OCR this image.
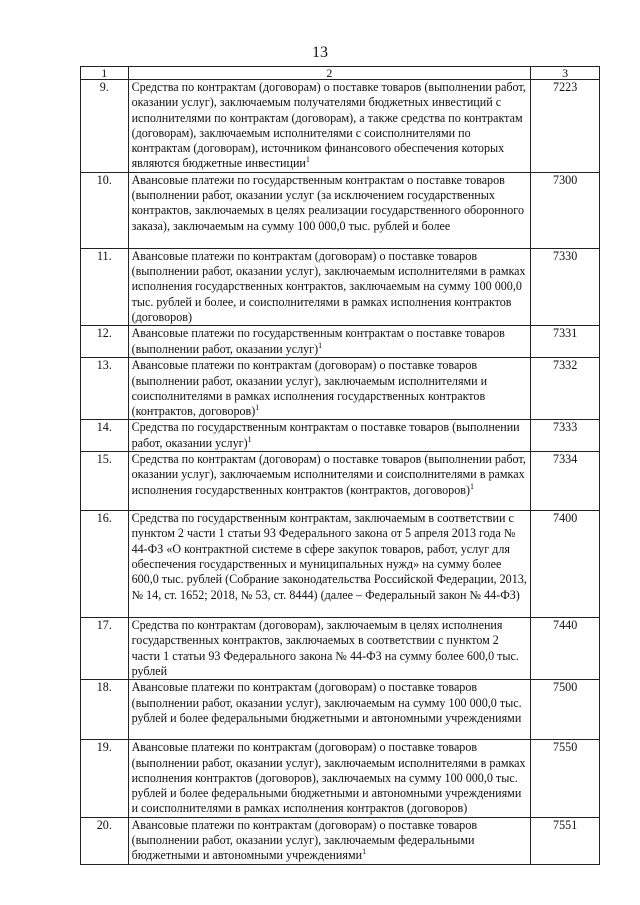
13
1	2	3
9.	Средства по контрактам (договорам) о поставке товаров (выполнении работ, оказании услуг), заключаемым получателями бюджетных инвестиций с исполнителями по контрактам (договорам), а также средства по контрактам (договорам), заключаемым исполнителями с соисполнителями по контрактам (договорам), источником финансового обеспечения которых являются бюджетные инвестиции$^1$	7223
10.	Авансовые платежи по государственным контрактам о поставке товаров (выполнении работ, оказании услуг (за исключением государственных контрактов, заключаемых в целях реализации государственного оборонного заказа), заключаемым на сумму 100 000,0 тыс. рублей и более	7300
11.	Авансовые платежи по контрактам (договорам) о поставке товаров (выполнении работ, оказании услуг), заключаемым исполнителями в рамках исполнения государственных контрактов, заключаемым на сумму 100 000,0 тыс. рублей и более, и соисполнителями в рамках исполнения контрактов (договоров)	7330
12.	Авансовые платежи по государственным контрактам о поставке товаров (выполнении работ, оказании услуг)$^1$	7331
13.	Авансовые платежи по контрактам (договорам) о поставке товаров (выполнении работ, оказании услуг), заключаемым исполнителями и соисполнителями в рамках исполнения государственных контрактов (контрактов, договоров)$^1$	7332
14.	Средства по государственным контрактам о поставке товаров (выполнении работ, оказании услуг)$^1$	7333
15.	Средства по контрактам (договорам) о поставке товаров (выполнении работ, оказании услуг), заключаемым исполнителями и соисполнителями в рамках исполнения государственных контрактов (контрактов, договоров)$^1$	7334
16.	Средства по государственным контрактам, заключаемым в соответствии с пунктом 2 части 1 статьи 93 Федерального закона от 5 апреля 2013 года № 44-ФЗ «О контрактной системе в сфере закупок товаров, работ, услуг для обеспечения государственных и муниципальных нужд» на сумму более 600,0 тыс. рублей (Собрание законодательства Российской Федерации, 2013, № 14, ст. 1652; 2018, № 53, ст. 8444) (далее – Федеральный закон № 44-ФЗ)	7400
17.	Средства по контрактам (договорам), заключаемым в целях исполнения государственных контрактов, заключаемых в соответствии с пунктом 2 части 1 статьи 93 Федерального закона № 44-ФЗ на сумму более 600,0 тыс. рублей	7440
18.	Авансовые платежи по контрактам (договорам) о поставке товаров (выполнении работ, оказании услуг), заключаемым на сумму 100 000,0 тыс. рублей и более федеральными бюджетными и автономными учреждениями	7500
19.	Авансовые платежи по контрактам (договорам) о поставке товаров (выполнении работ, оказании услуг), заключаемым исполнителями в рамках исполнения контрактов (договоров), заключаемых на сумму 100 000,0 тыс. рублей и более федеральными бюджетными и автономными учреждениями и соисполнителями в рамках исполнения контрактов (договоров)	7550
20.	Авансовые платежи по контрактам (договорам) о поставке товаров (выполнении работ, оказании услуг), заключаемым федеральными бюджетными и автономными учреждениями$^1$	7551
